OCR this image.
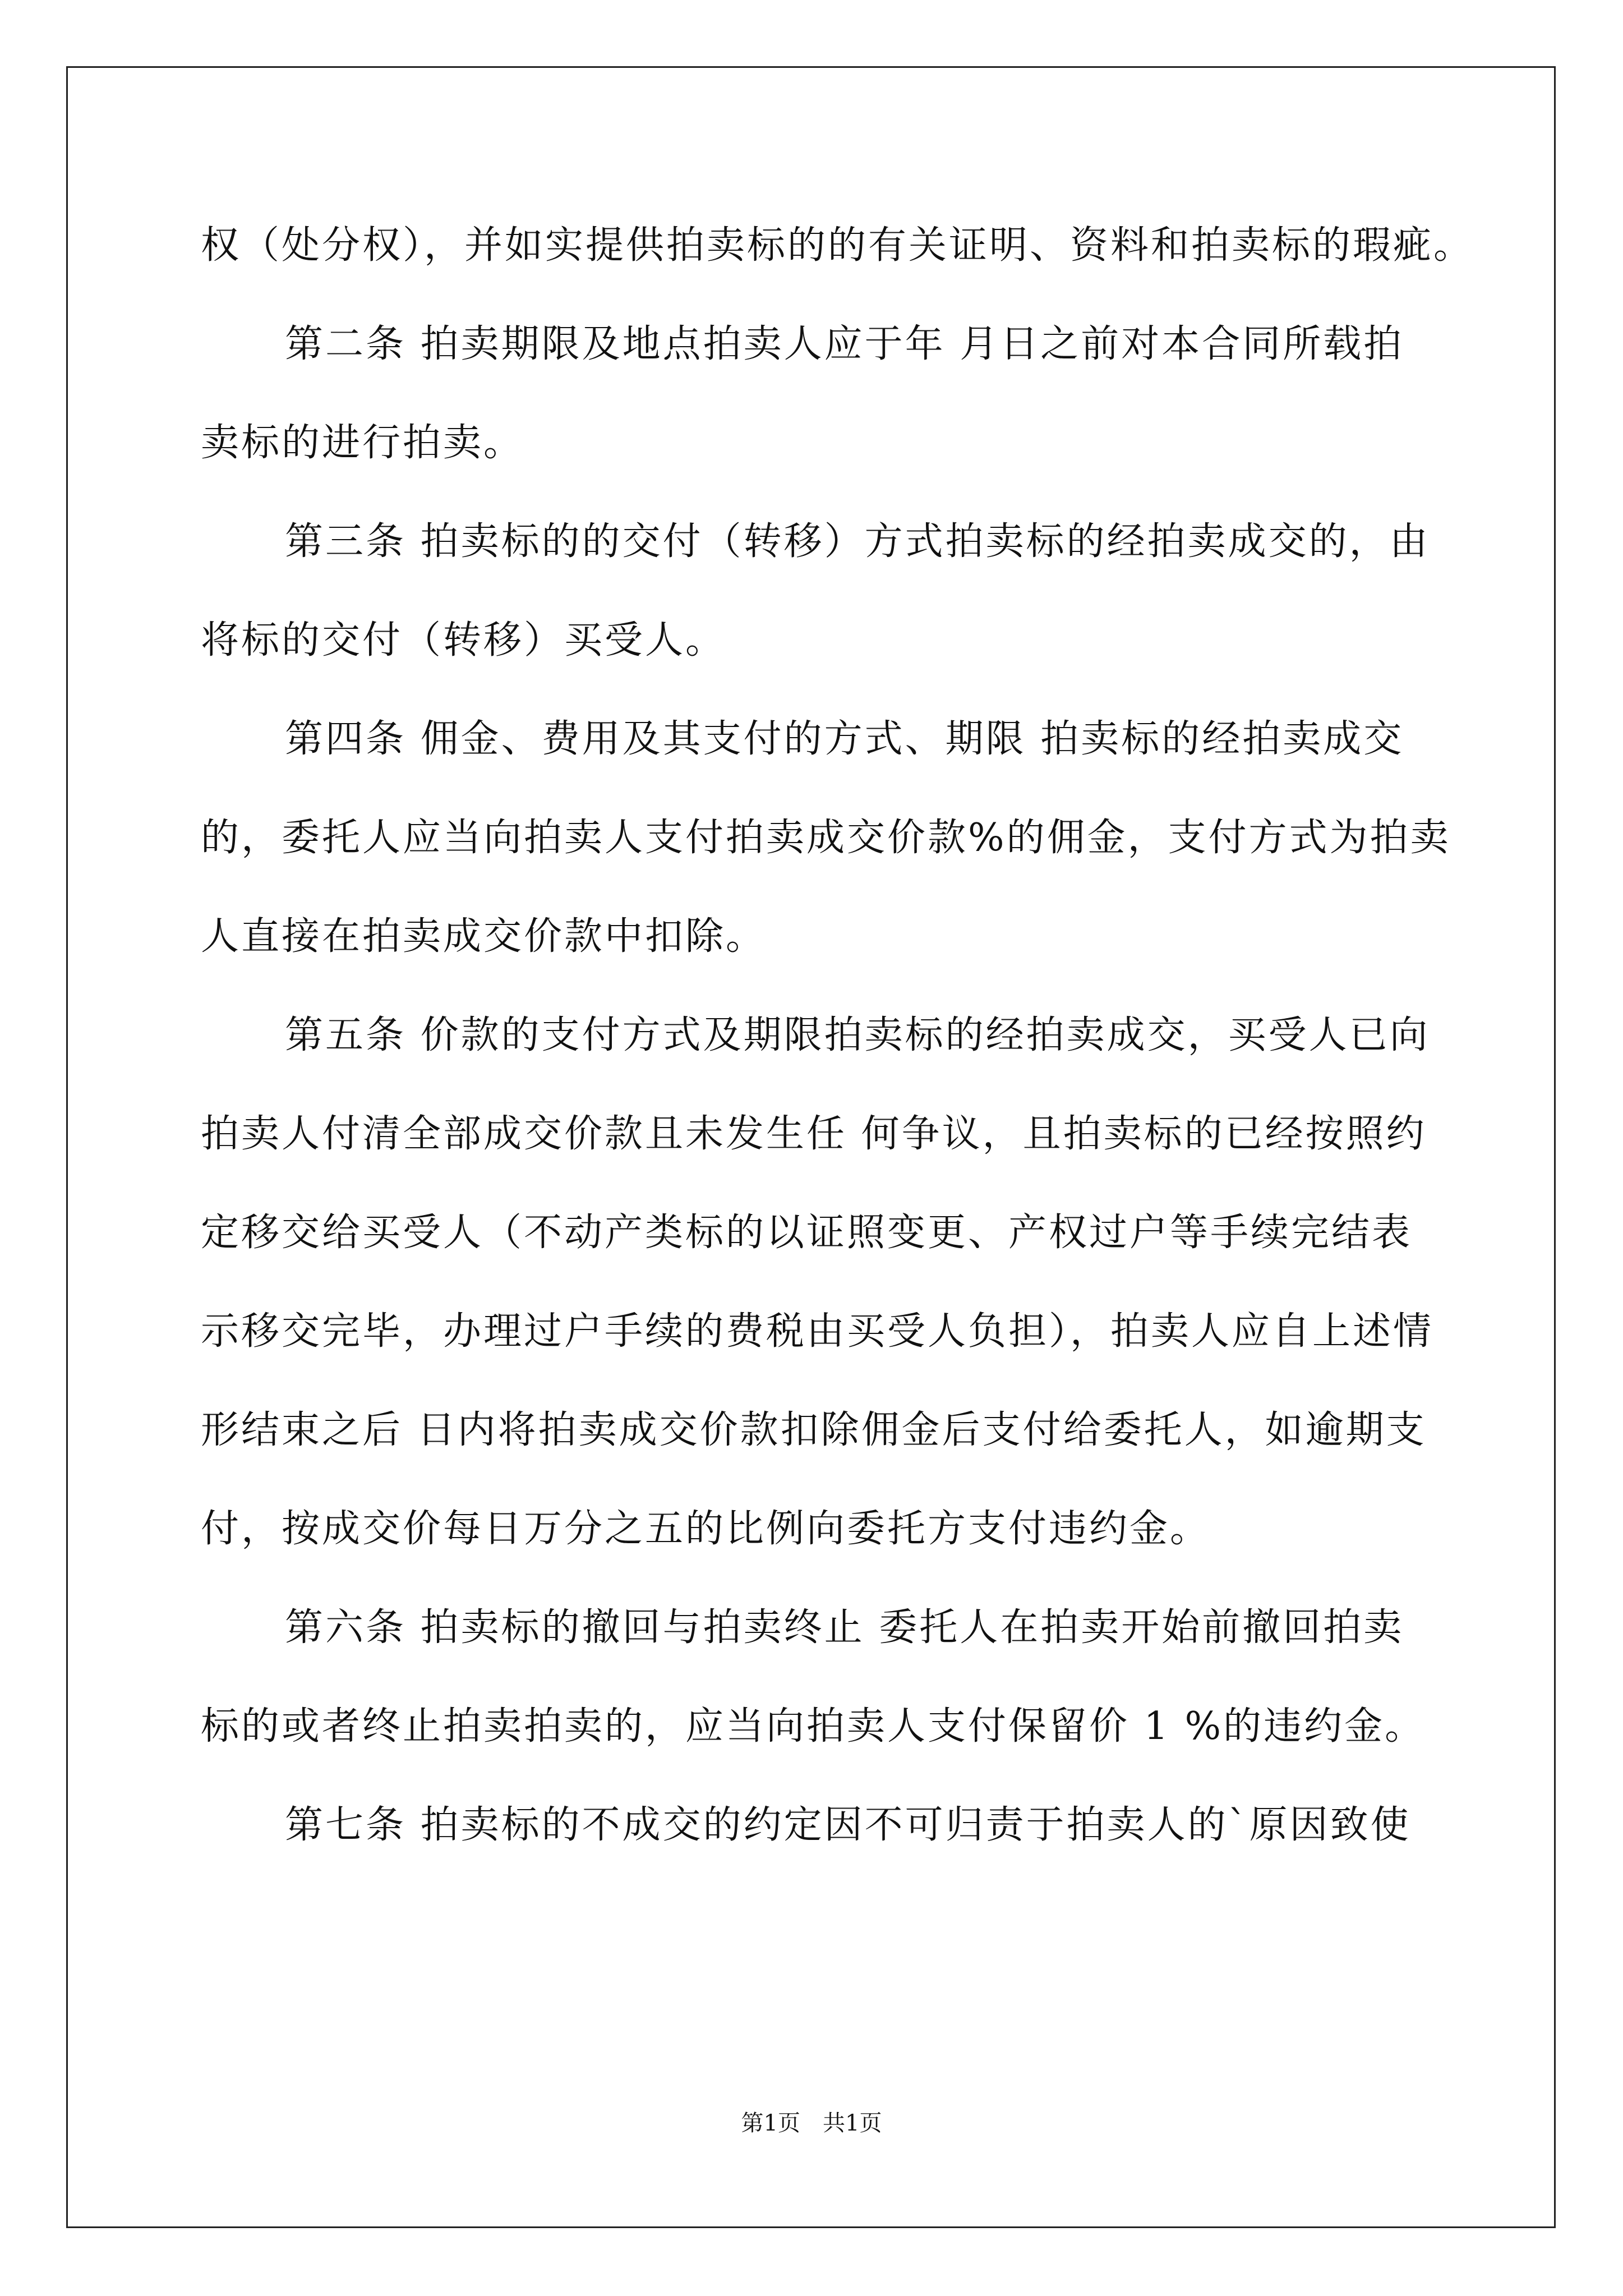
权（处分权），并如实提供拍卖标的的有关证明、资料和拍卖标的瑕疵。
第二条 拍卖期限及地点拍卖人应于年 月日之前对本合同所载拍
卖标的进行拍卖。
第三条 拍卖标的的交付（转移）方式拍卖标的经拍卖成交的，由
将标的交付（转移）买受人。
第四条 佣金、费用及其支付的方式、期限 拍卖标的经拍卖成交
的，委托人应当向拍卖人支付拍卖成交价款%的佣金，支付方式为拍卖
人直接在拍卖成交价款中扣除。
第五条 价款的支付方式及期限拍卖标的经拍卖成交，买受人已向
拍卖人付清全部成交价款且未发生任 何争议，且拍卖标的已经按照约
定移交给买受人（不动产类标的以证照变更、产权过户等手续完结表
示移交完毕，办理过户手续的费税由买受人负担），拍卖人应自上述情
形结束之后 日内将拍卖成交价款扣除佣金后支付给委托人，如逾期支
付，按成交价每日万分之五的比例向委托方支付违约金。
第六条 拍卖标的撤回与拍卖终止 委托人在拍卖开始前撤回拍卖
标的或者终止拍卖拍卖的，应当向拍卖人支付保留价 1 %的违约金。
第七条 拍卖标的不成交的约定因不可归责于拍卖人的`原因致使
第1页　共1页
